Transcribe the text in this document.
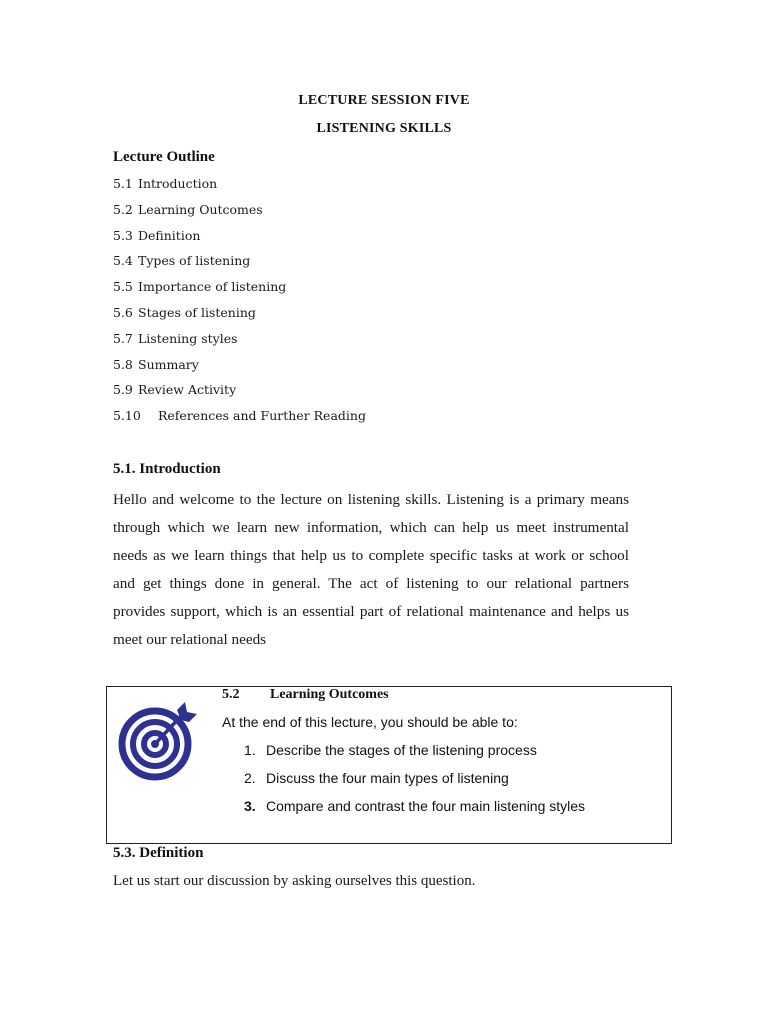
LECTURE SESSION FIVE
LISTENING SKILLS
Lecture Outline
5.1 Introduction
5.2 Learning Outcomes
5.3 Definition
5.4 Types of listening
5.5 Importance of listening
5.6 Stages of listening
5.7 Listening styles
5.8 Summary
5.9 Review Activity
5.10 References and Further Reading
5.1. Introduction

Hello and welcome to the lecture on listening skills. Listening is a primary means through which we learn new information, which can help us meet instrumental needs as we learn things that help us to complete specific tasks at work or school and get things done in general. The act of listening to our relational partners provides support, which is an essential part of relational maintenance and helps us meet our relational needs

5.2 Learning Outcomes
At the end of this lecture, you should be able to:
1. Describe the stages of the listening process
2. Discuss the four main types of listening
3. Compare and contrast the four main listening styles
5.3. Definition
Let us start our discussion by asking ourselves this question.
